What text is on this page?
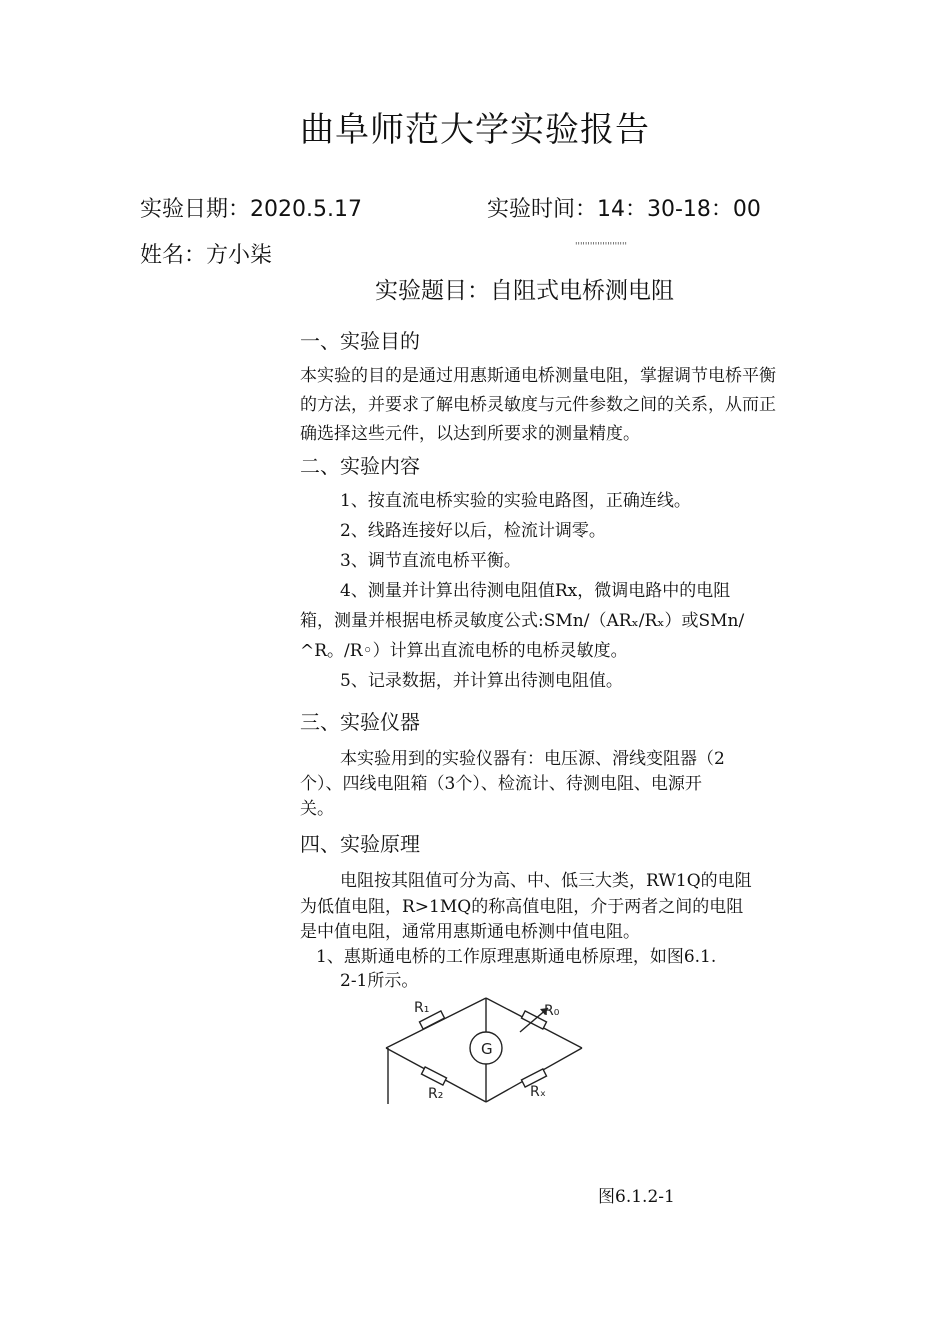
曲阜师范大学实验报告
实验日期：2020.5.17	实验时间：14：30-18：00
姓名：方小柒	'''''''''''''''''''''
实验题目：自阻式电桥测电阻
一、实验目的
本实验的目的是通过用惠斯通电桥测量电阻，掌握调节电桥平衡的方法，并要求了解电桥灵敏度与元件参数之间的关系，从而正确选择这些元件，以达到所要求的测量精度。
二、实验内容
1、按直流电桥实验的实验电路图，正确连线。
2、线路连接好以后，检流计调零。
3、调节直流电桥平衡。
4、测量并计算出待测电阻值Rx，微调电路中的电阻
箱，测量并根据电桥灵敏度公式:SMn/（ARₓ/Rₓ）或SMn/
^R。/R◦）计算出直流电桥的电桥灵敏度。
5、记录数据，并计算出待测电阻值。
三、实验仪器
本实验用到的实验仪器有：电压源、滑线变阻器（2
个）、四线电阻箱（3个）、检流计、待测电阻、电源开
关。
四、实验原理
电阻按其阻值可分为高、中、低三大类，RW1Q的电阻
为低值电阻，R>1MQ的称高值电阻，介于两者之间的电阻
是中值电阻，通常用惠斯通电桥测中值电阻。
1、惠斯通电桥的工作原理惠斯通电桥原理，如图6.1.
2-1所示。
R₁	R₀
G
R₂	Rₓ
图6.1.2-1
